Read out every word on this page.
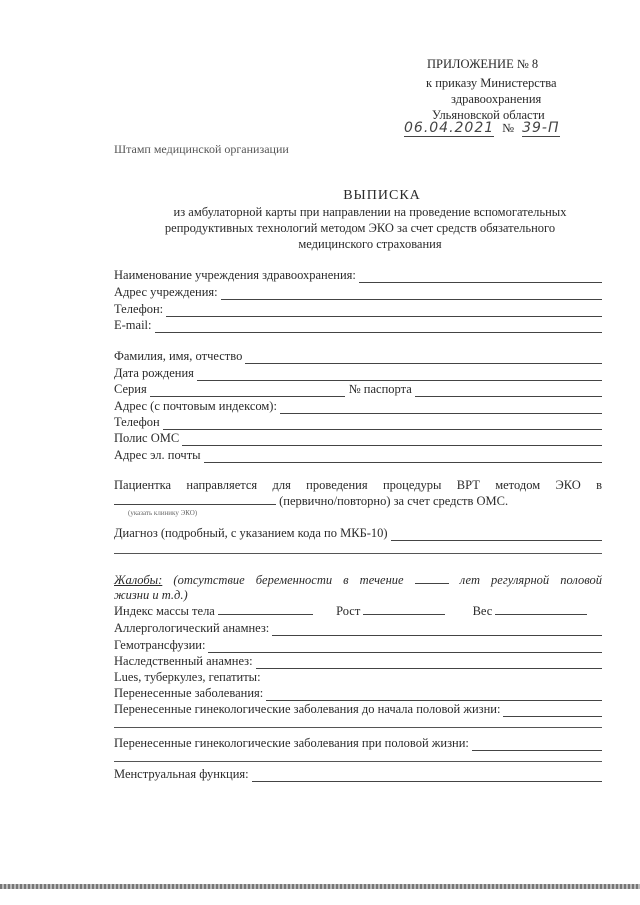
ПРИЛОЖЕНИЕ № 8
к приказу Министерства
здравоохранения
Ульяновской области
06.04.2021 № 39-П
Штамп медицинской организации
ВЫПИСКА
из амбулаторной карты при направлении на проведение вспомогательных
репродуктивных технологий методом ЭКО за счет средств обязательного
медицинского страхования
Наименование учреждения здравоохранения:
Адрес учреждения:
Телефон:
E-mail:
Фамилия, имя, отчество
Дата рождения
Серия	№ паспорта
Адрес (с почтовым индексом):
Телефон
Полис ОМС
Адрес эл. почты
Пациентка направляется для проведения процедуры ВРТ методом ЭКО в
(первично/повторно) за счет средств ОМС.
(указать клинику ЭКО)
Диагноз (подробный, с указанием кода по МКБ-10)
Жалобы: (отсутствие беременности в течение	лет регулярной половой
жизни и т.д.)
Индекс массы тела	Рост	Вес
Аллергологический анамнез:
Гемотрансфузии:
Наследственный анамнез:
Lues, туберкулез, гепатиты:
Перенесенные заболевания:
Перенесенные гинекологические заболевания до начала половой жизни:
Перенесенные гинекологические заболевания при половой жизни:
Менструальная функция:
